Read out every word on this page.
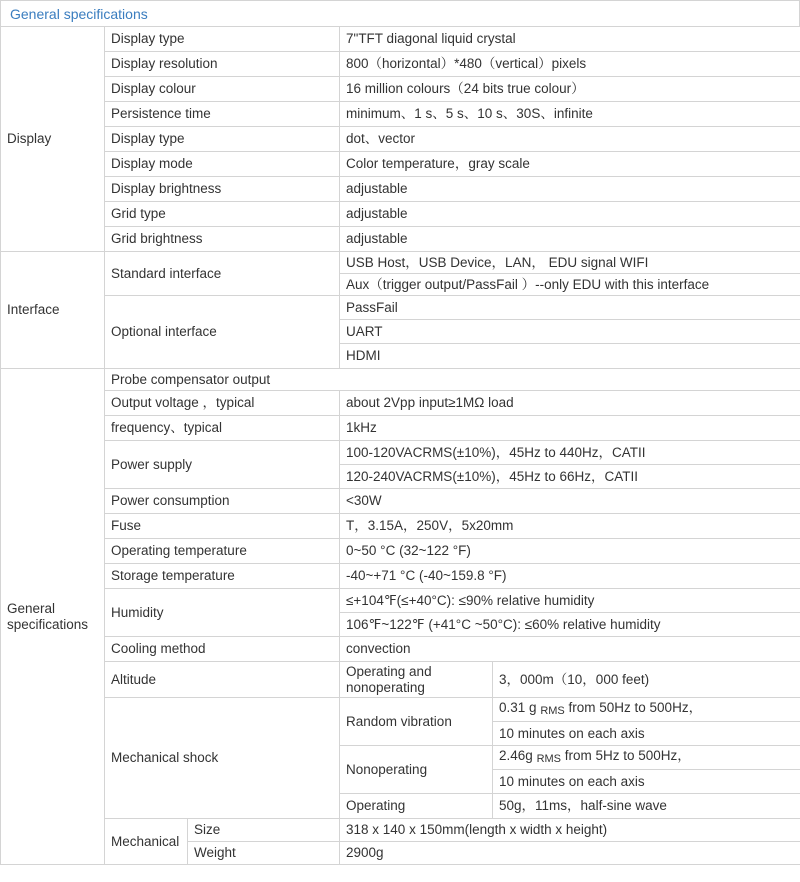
General specifications
Display	Display type		7"TFT diagonal liquid crystal	
	Display resolution		800（horizontal）*480（vertical）pixels	
	Display colour		16 million colours（24 bits true colour）	
	Persistence time		minimum、1 s、5 s、10 s、30S、infinite	
	Display type		dot、vector	
	Display mode		Color temperature，gray scale	
	Display brightness		adjustable	
	Grid type		adjustable	
	Grid brightness		adjustable	
Interface	Standard interface		USB Host，USB Device，LAN， EDU signal WIFI	
			Aux（trigger output/PassFail ）--only EDU with this interface	
	Optional interface		PassFail	
			UART	
			HDMI	
General specifications	Probe compensator output			
	Output voltage ，typical		about 2Vpp input≥1MΩ load	
	frequency、typical		1kHz	
	Power supply		100-120VACRMS(±10%)，45Hz to 440Hz，CATII	
			120-240VACRMS(±10%)，45Hz to 66Hz，CATII	
	Power consumption		<30W	
	Fuse		T，3.15A，250V，5x20mm	
	Operating temperature		0~50 °C (32~122 °F)	
	Storage temperature		-40~+71 °C (-40~159.8 °F)	
	Humidity		≤+104℉(≤+40°C): ≤90% relative humidity	
			106℉~122℉ (+41°C ~50°C): ≤60% relative humidity	
	Cooling method		convection	
	Altitude		Operating and nonoperating	3，000m（10，000 feet)
	Mechanical shock		Random vibration	0.31 g RMS from 50Hz to 500Hz，
				10 minutes on each axis
			Nonoperating	2.46g RMS from 5Hz to 500Hz，
				10 minutes on each axis
			Operating	50g，11ms，half-sine wave
	Mechanical	Size	318 x 140 x 150mm(length x width x height)	
		Weight	2900g	
